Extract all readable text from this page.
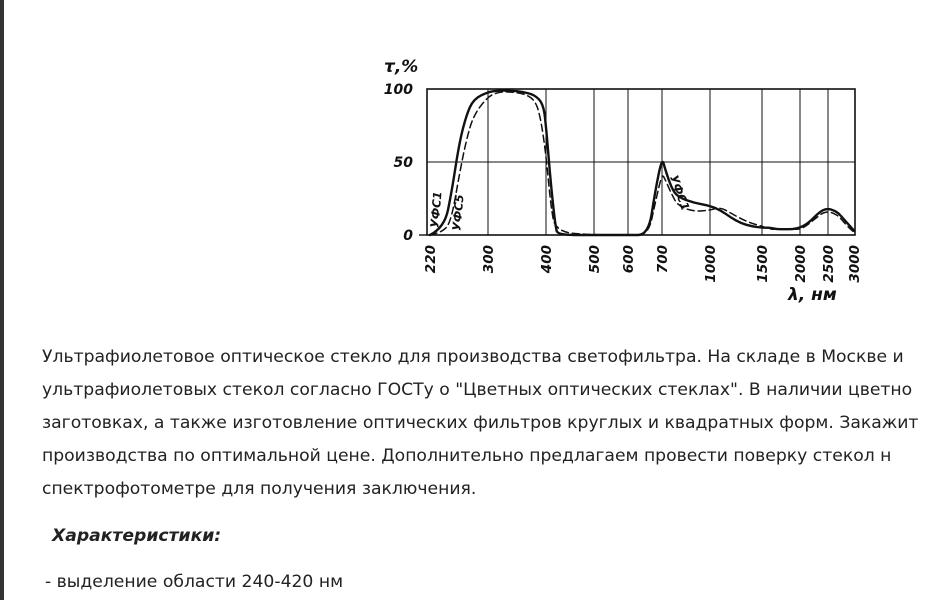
τ,%
λ, нм
0
50
100
220	300	400 500 600 700 1000	1500 2000 2500 3000
УФС1 УФС5
УФС1

Ультрафиолетовое оптическое стекло для производства светофильтра. На складе в Москве и

ультрафиолетовых стекол согласно ГОСТу о "Цветных оптических стеклах". В наличии цветно

заготовках, а также изготовление оптических фильтров круглых и квадратных форм. Закажит

производства по оптимальной цене. Дополнительно предлагаем провести поверку стекол н

спектрофотометре для получения заключения.

Характеристики:

- выделение области 240-420 нм
